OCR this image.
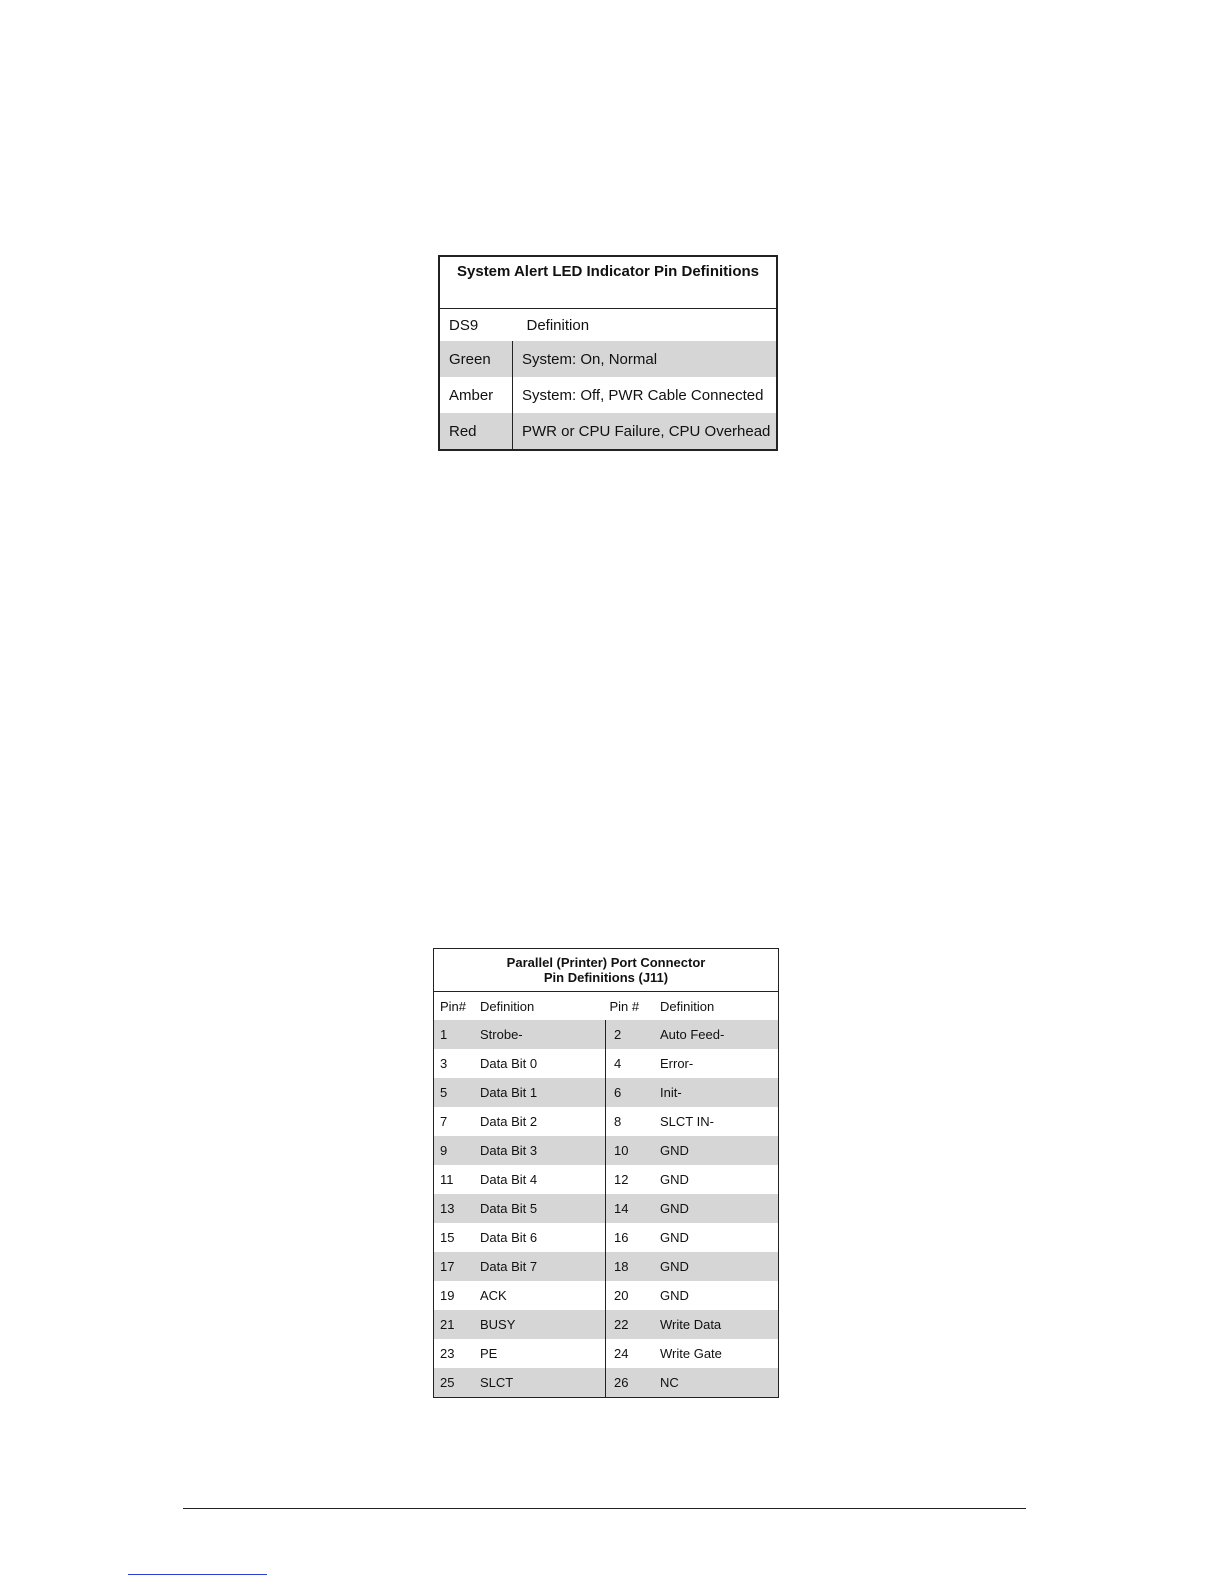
System Alert LED Indicator Pin Definitions	
DS9	Definition
Green	System: On, Normal
Amber	System: Off, PWR Cable Connected
Red	PWR or CPU Failure, CPU Overhead
Parallel (Printer) Port Connector
Pin Definitions (J11)			
Pin#	Definition	Pin #	Definition
1	Strobe-	2	Auto Feed-
3	Data Bit 0	4	Error-
5	Data Bit 1	6	Init-
7	Data Bit 2	8	SLCT IN-
9	Data Bit 3	10	GND
11	Data Bit 4	12	GND
13	Data Bit 5	14	GND
15	Data Bit 6	16	GND
17	Data Bit 7	18	GND
19	ACK	20	GND
21	BUSY	22	Write Data
23	PE	24	Write Gate
25	SLCT	26	NC
